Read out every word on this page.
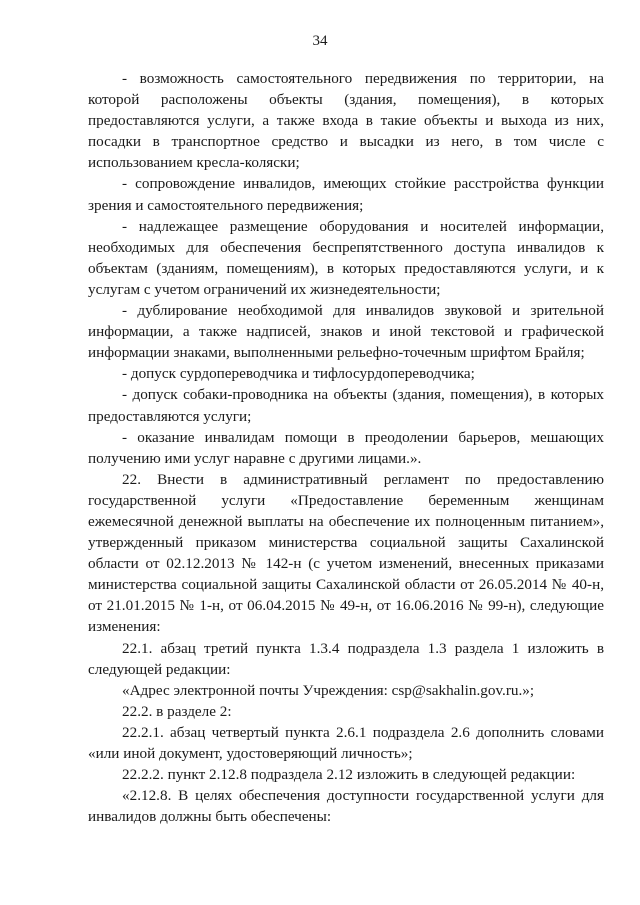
34

- возможность самостоятельного передвижения по территории, на которой расположены объекты (здания, помещения), в которых предоставляются услуги, а также входа в такие объекты и выхода из них, посадки в транспортное средство и высадки из него, в том числе с использованием кресла-коляски;

- сопровождение инвалидов, имеющих стойкие расстройства функции зрения и самостоятельного передвижения;

- надлежащее размещение оборудования и носителей информации, необходимых для обеспечения беспрепятственного доступа инвалидов к объектам (зданиям, помещениям), в которых предоставляются услуги, и к услугам с учетом ограничений их жизнедеятельности;

- дублирование необходимой для инвалидов звуковой и зрительной информации, а также надписей, знаков и иной текстовой и графической информации знаками, выполненными рельефно-точечным шрифтом Брайля;

- допуск сурдопереводчика и тифлосурдопереводчика;

- допуск собаки-проводника на объекты (здания, помещения), в которых предоставляются услуги;

- оказание инвалидам помощи в преодолении барьеров, мешающих получению ими услуг наравне с другими лицами.».

22. Внести в административный регламент по предоставлению государственной услуги «Предоставление беременным женщинам ежемесячной денежной выплаты на обеспечение их полноценным питанием», утвержденный приказом министерства социальной защиты Сахалинской области от 02.12.2013 № 142-н (с учетом изменений, внесенных приказами министерства социальной защиты Сахалинской области от 26.05.2014 № 40-н, от 21.01.2015 № 1-н, от 06.04.2015 № 49-н, от 16.06.2016 № 99-н), следующие изменения:

22.1. абзац третий пункта 1.3.4 подраздела 1.3 раздела 1 изложить в следующей редакции:

«Адрес электронной почты Учреждения: csp@sakhalin.gov.ru.»;

22.2. в разделе 2:

22.2.1. абзац четвертый пункта 2.6.1 подраздела 2.6 дополнить словами «или иной документ, удостоверяющий личность»;

22.2.2. пункт 2.12.8 подраздела 2.12 изложить в следующей редакции:

«2.12.8. В целях обеспечения доступности государственной услуги для инвалидов должны быть обеспечены:
